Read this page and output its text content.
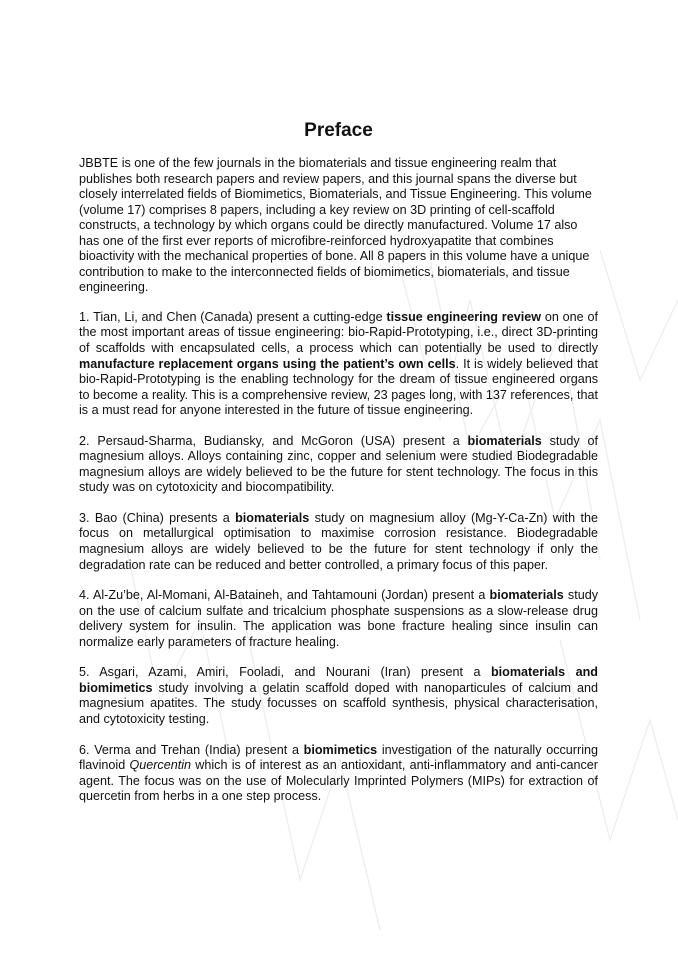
Preface

JBBTE is one of the few journals in the biomaterials and tissue engineering realm that publishes both research papers and review papers, and this journal spans the diverse but closely interrelated fields of Biomimetics, Biomaterials, and Tissue Engineering. This volume (volume 17) comprises 8 papers, including a key review on 3D printing of cell-scaffold constructs, a technology by which organs could be directly manufactured. Volume 17 also has one of the first ever reports of microfibre-reinforced hydroxyapatite that combines bioactivity with the mechanical properties of bone. All 8 papers in this volume have a unique contribution to make to the interconnected fields of biomimetics, biomaterials, and tissue engineering.

1. Tian, Li, and Chen (Canada) present a cutting-edge tissue engineering review on one of the most important areas of tissue engineering: bio-Rapid-Prototyping, i.e., direct 3D-printing of scaffolds with encapsulated cells, a process which can potentially be used to directly manufacture replacement organs using the patient’s own cells. It is widely believed that bio-Rapid-Prototyping is the enabling technology for the dream of tissue engineered organs to become a reality. This is a comprehensive review, 23 pages long, with 137 references, that is a must read for anyone interested in the future of tissue engineering.

2. Persaud-Sharma, Budiansky, and McGoron (USA) present a biomaterials study of magnesium alloys. Alloys containing zinc, copper and selenium were studied Biodegradable magnesium alloys are widely believed to be the future for stent technology. The focus in this study was on cytotoxicity and biocompatibility.

3. Bao (China) presents a biomaterials study on magnesium alloy (Mg-Y-Ca-Zn) with the focus on metallurgical optimisation to maximise corrosion resistance. Biodegradable magnesium alloys are widely believed to be the future for stent technology if only the degradation rate can be reduced and better controlled, a primary focus of this paper.

4. Al-Zu’be, Al-Momani, Al-Bataineh, and Tahtamouni (Jordan) present a biomaterials study on the use of calcium sulfate and tricalcium phosphate suspensions as a slow-release drug delivery system for insulin. The application was bone fracture healing since insulin can normalize early parameters of fracture healing.

5. Asgari, Azami, Amiri, Fooladi, and Nourani (Iran) present a biomaterials and biomimetics study involving a gelatin scaffold doped with nanoparticules of calcium and magnesium apatites. The study focusses on scaffold synthesis, physical characterisation, and cytotoxicity testing.

6. Verma and Trehan (India) present a biomimetics investigation of the naturally occurring flavinoid Quercentin which is of interest as an antioxidant, anti-inflammatory and anti-cancer agent. The focus was on the use of Molecularly Imprinted Polymers (MIPs) for extraction of quercetin from herbs in a one step process.
